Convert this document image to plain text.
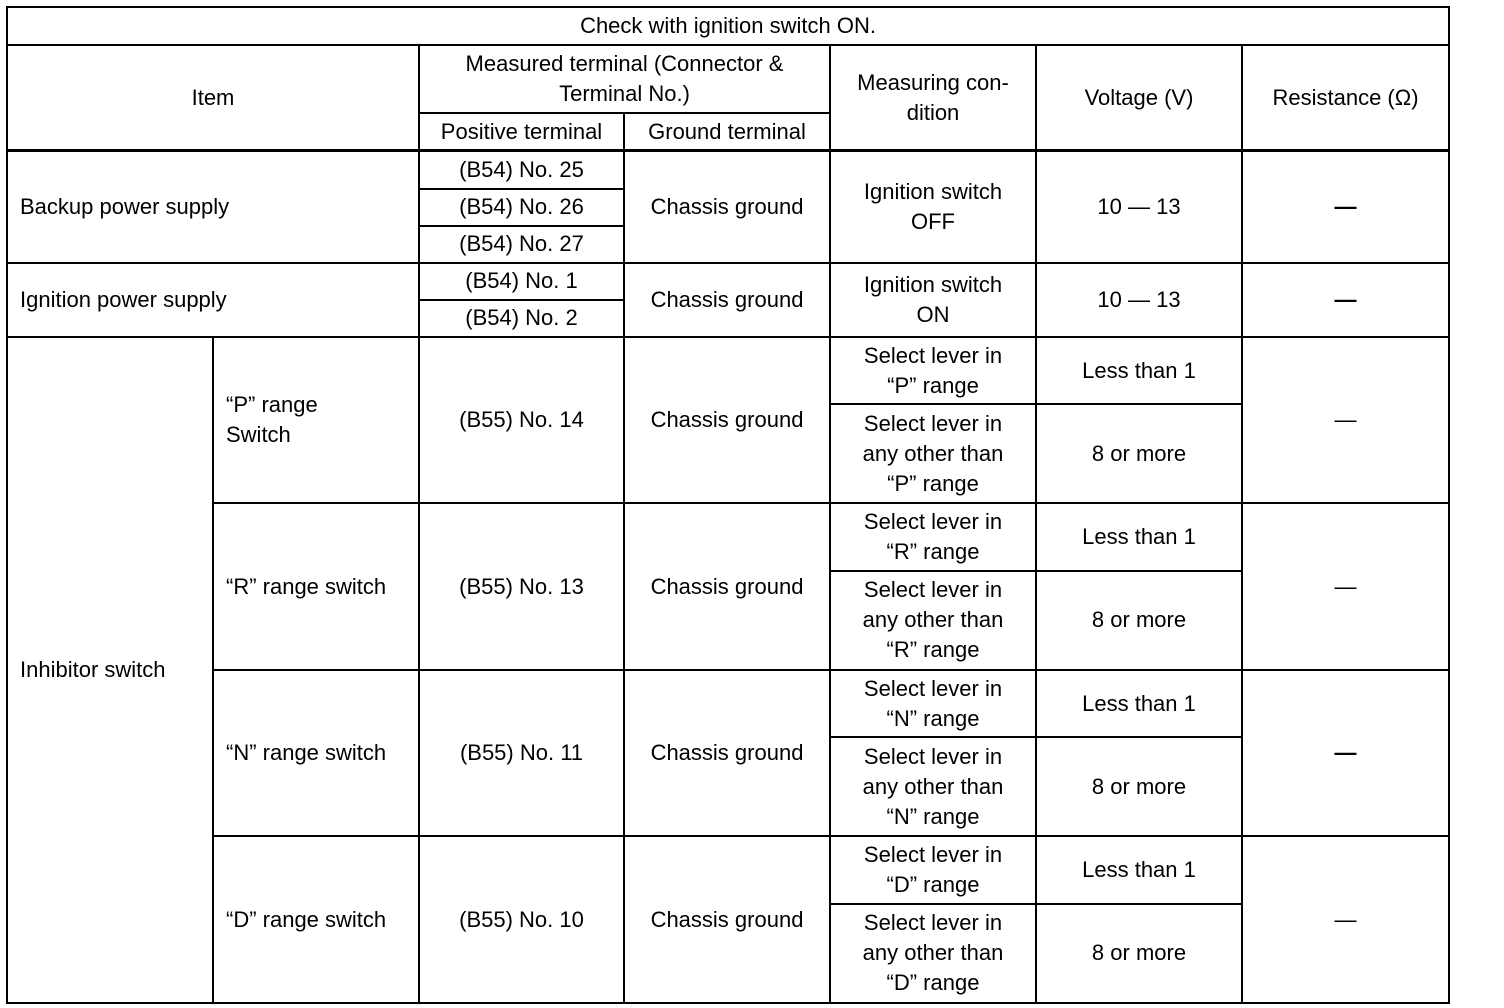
Check with ignition switch ON.						
Item		Measured terminal (Connector & Terminal No.)		Measuring con-dition	Voltage (V)	Resistance (Ω)
		Positive terminal	Ground terminal			
Backup power supply		(B54) No. 25	Chassis ground	Ignition switch OFF	10 — 13	—
		(B54) No. 26				
		(B54) No. 27				
Ignition power supply		(B54) No. 1	Chassis ground	Ignition switch ON	10 — 13	—
		(B54) No. 2				
Inhibitor switch	“P” range Switch	(B55) No. 14	Chassis ground	Select lever in “P” range	Less than 1	—
				Select lever in any other than “P” range	8 or more	
	“R” range switch	(B55) No. 13	Chassis ground	Select lever in “R” range	Less than 1	—
				Select lever in any other than “R” range	8 or more	
	“N” range switch	(B55) No. 11	Chassis ground	Select lever in “N” range	Less than 1	—
				Select lever in any other than “N” range	8 or more	
	“D” range switch	(B55) No. 10	Chassis ground	Select lever in “D” range	Less than 1	—
				Select lever in any other than “D” range	8 or more	
